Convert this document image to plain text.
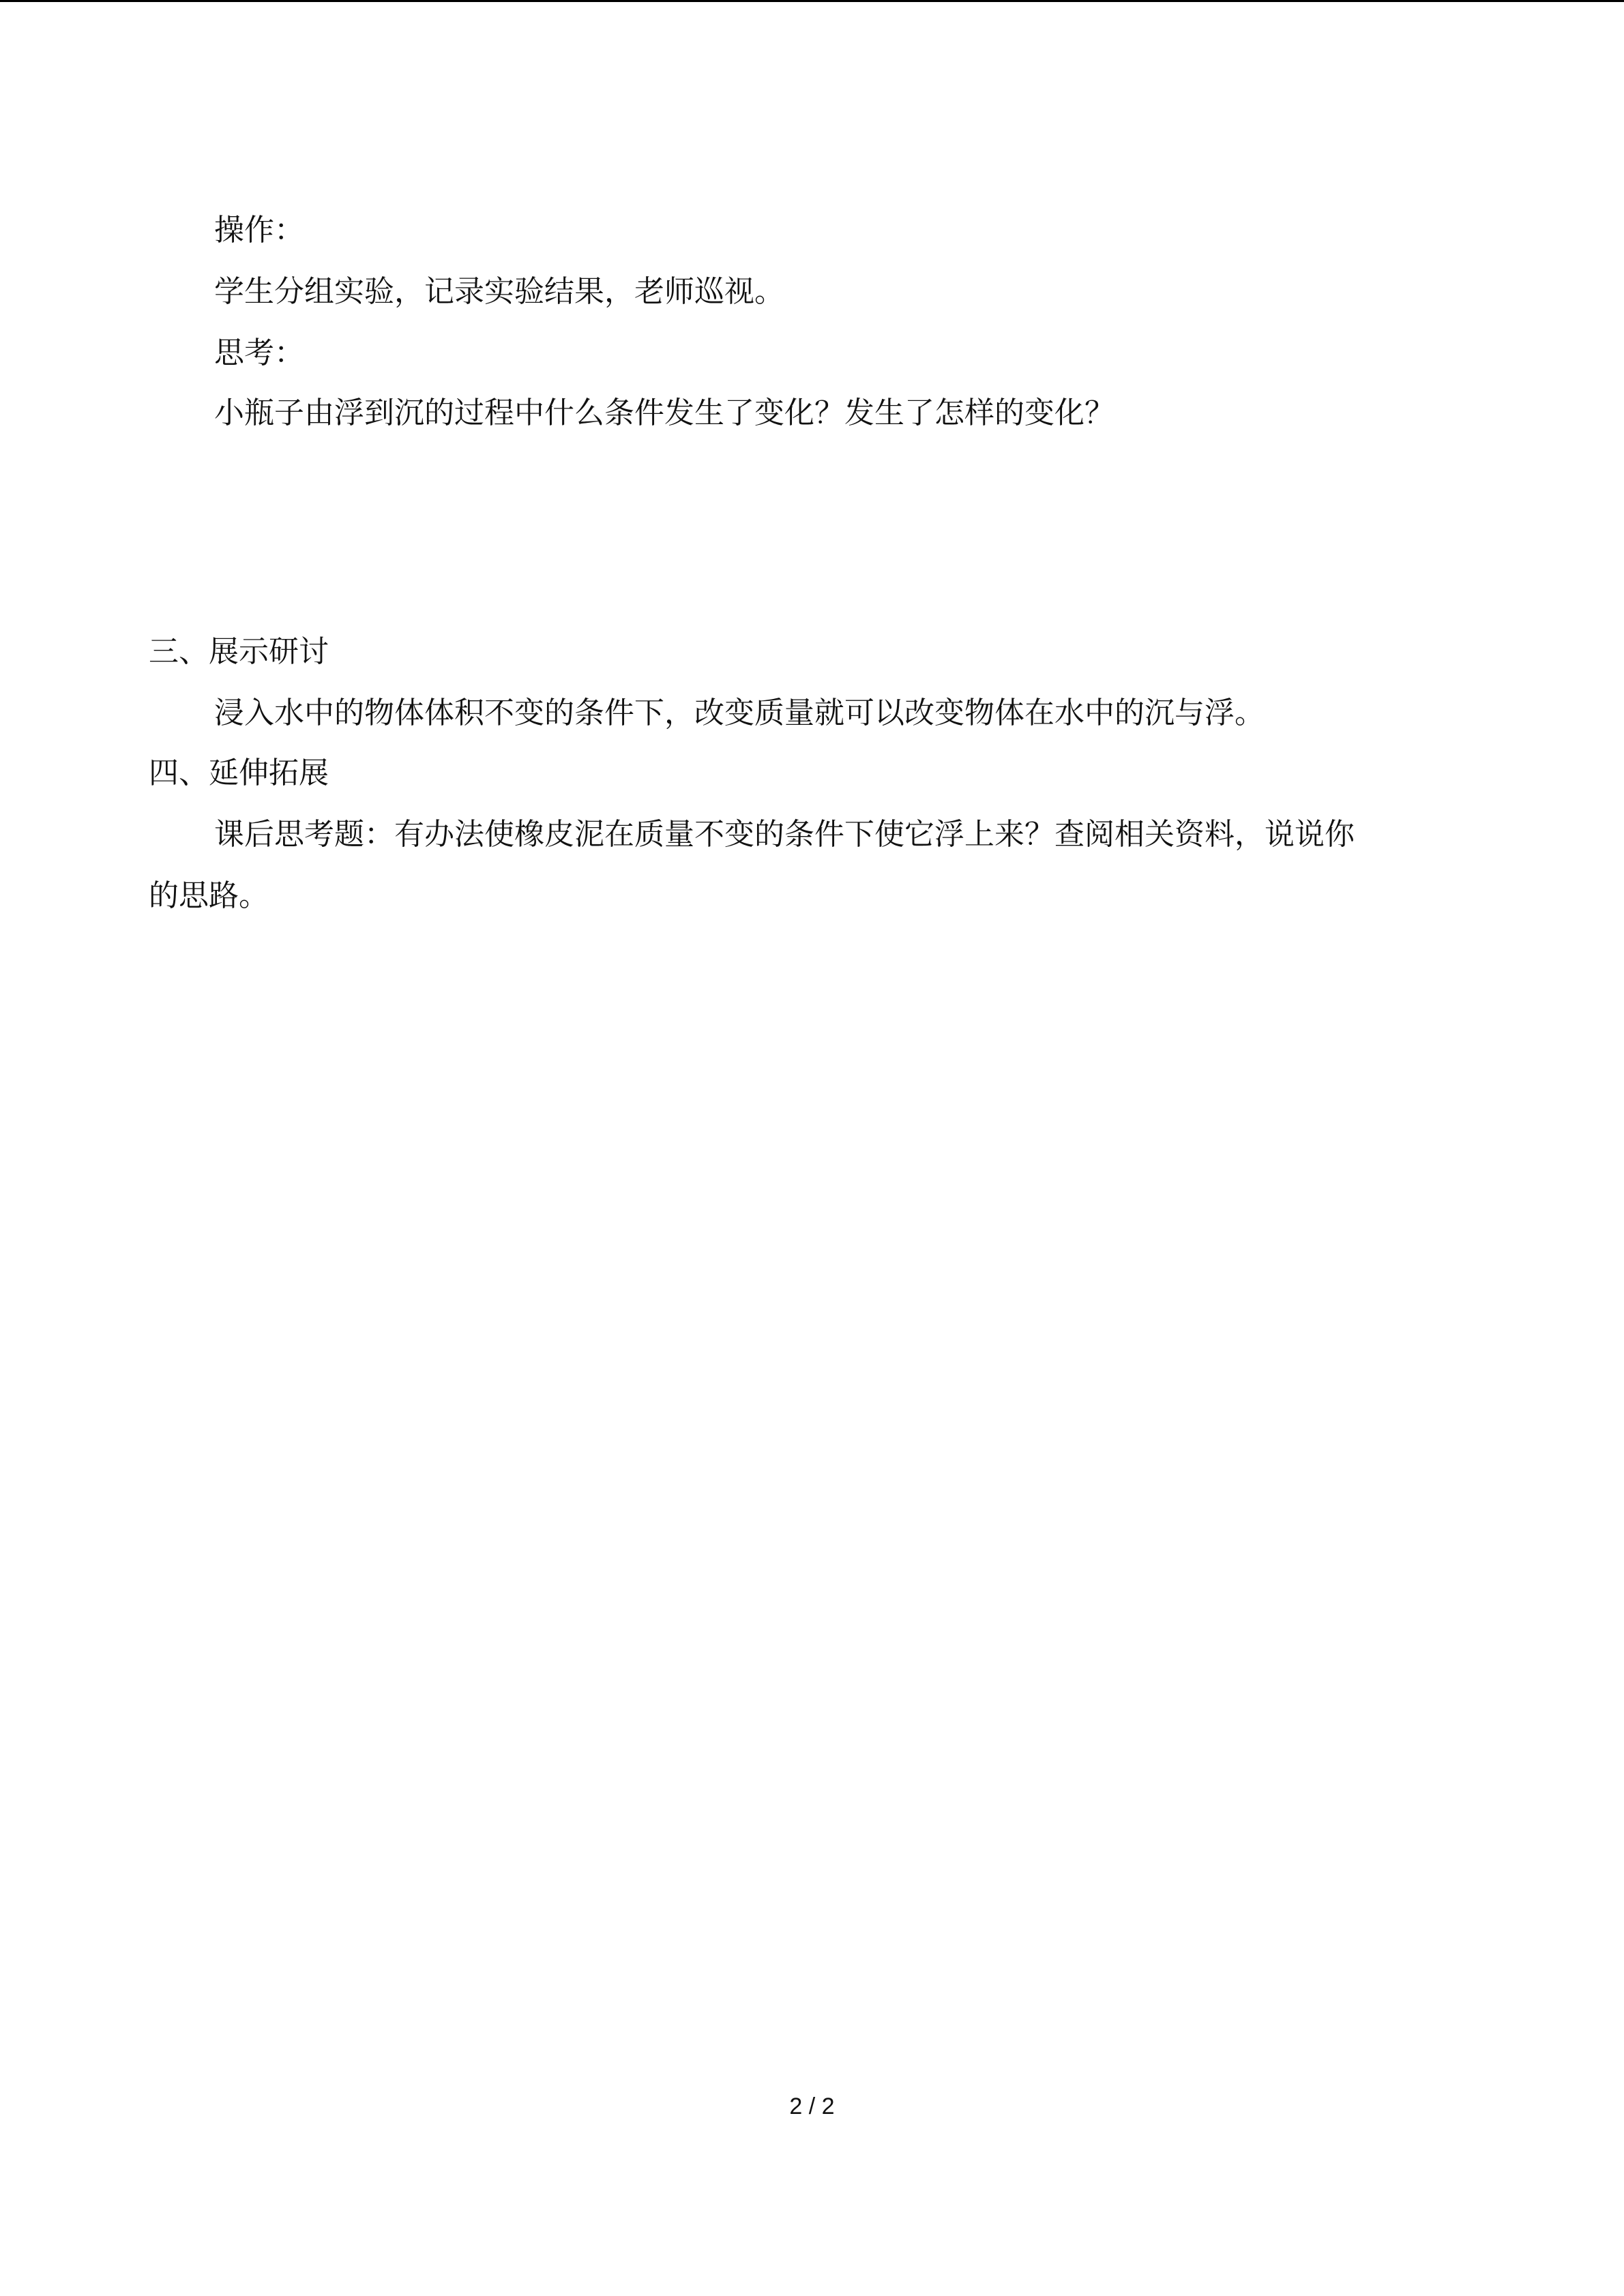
操作：
学生分组实验，记录实验结果，老师巡视。
思考：
小瓶子由浮到沉的过程中什么条件发生了变化？发生了怎样的变化？
三、展示研讨
浸入水中的物体体积不变的条件下，改变质量就可以改变物体在水中的沉与浮。
四、延伸拓展
课后思考题：有办法使橡皮泥在质量不变的条件下使它浮上来？查阅相关资料，说说你
的思路。
2 / 2
